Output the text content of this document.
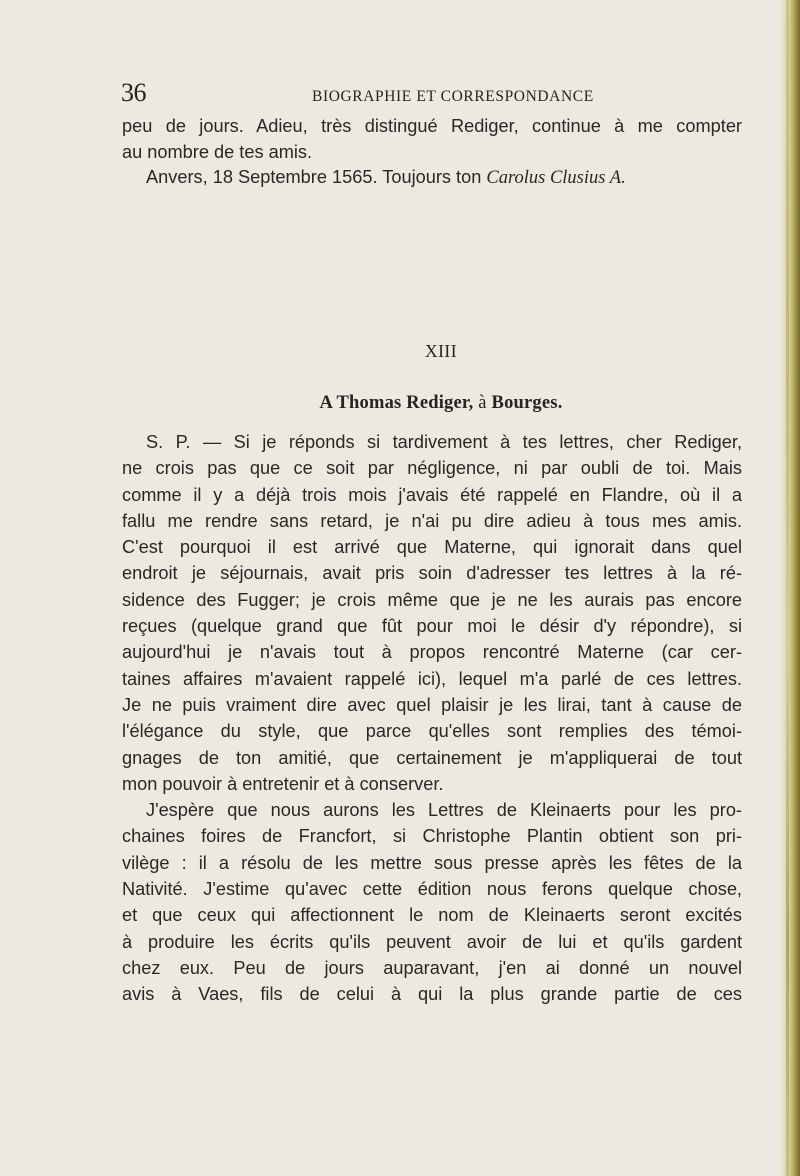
36	BIOGRAPHIE ET CORRESPONDANCE

peu de jours. Adieu, très distingué Rediger, continue à me compter

au nombre de tes amis.

Anvers, 18 Septembre 1565. Toujours ton Carolus Clusius A.

XIII
A Thomas Rediger, à Bourges.
S. P. — Si je réponds si tardivement à tes lettres, cher Rediger,
ne crois pas que ce soit par négligence, ni par oubli de toi. Mais
comme il y a déjà trois mois j'avais été rappelé en Flandre, où il a
fallu me rendre sans retard, je n'ai pu dire adieu à tous mes amis.
C'est pourquoi il est arrivé que Materne, qui ignorait dans quel
endroit je séjournais, avait pris soin d'adresser tes lettres à la ré-
sidence des Fugger; je crois même que je ne les aurais pas encore
reçues (quelque grand que fût pour moi le désir d'y répondre), si
aujourd'hui je n'avais tout à propos rencontré Materne (car cer-
taines affaires m'avaient rappelé ici), lequel m'a parlé de ces lettres.
Je ne puis vraiment dire avec quel plaisir je les lirai, tant à cause de
l'élégance du style, que parce qu'elles sont remplies des témoi-
gnages de ton amitié, que certainement je m'appliquerai de tout
mon pouvoir à entretenir et à conserver.
J'espère que nous aurons les Lettres de Kleinaerts pour les pro-
chaines foires de Francfort, si Christophe Plantin obtient son pri-
vilège : il a résolu de les mettre sous presse après les fêtes de la
Nativité. J'estime qu'avec cette édition nous ferons quelque chose,
et que ceux qui affectionnent le nom de Kleinaerts seront excités
à produire les écrits qu'ils peuvent avoir de lui et qu'ils gardent
chez eux. Peu de jours auparavant, j'en ai donné un nouvel
avis à Vaes, fils de celui à qui la plus grande partie de ces
